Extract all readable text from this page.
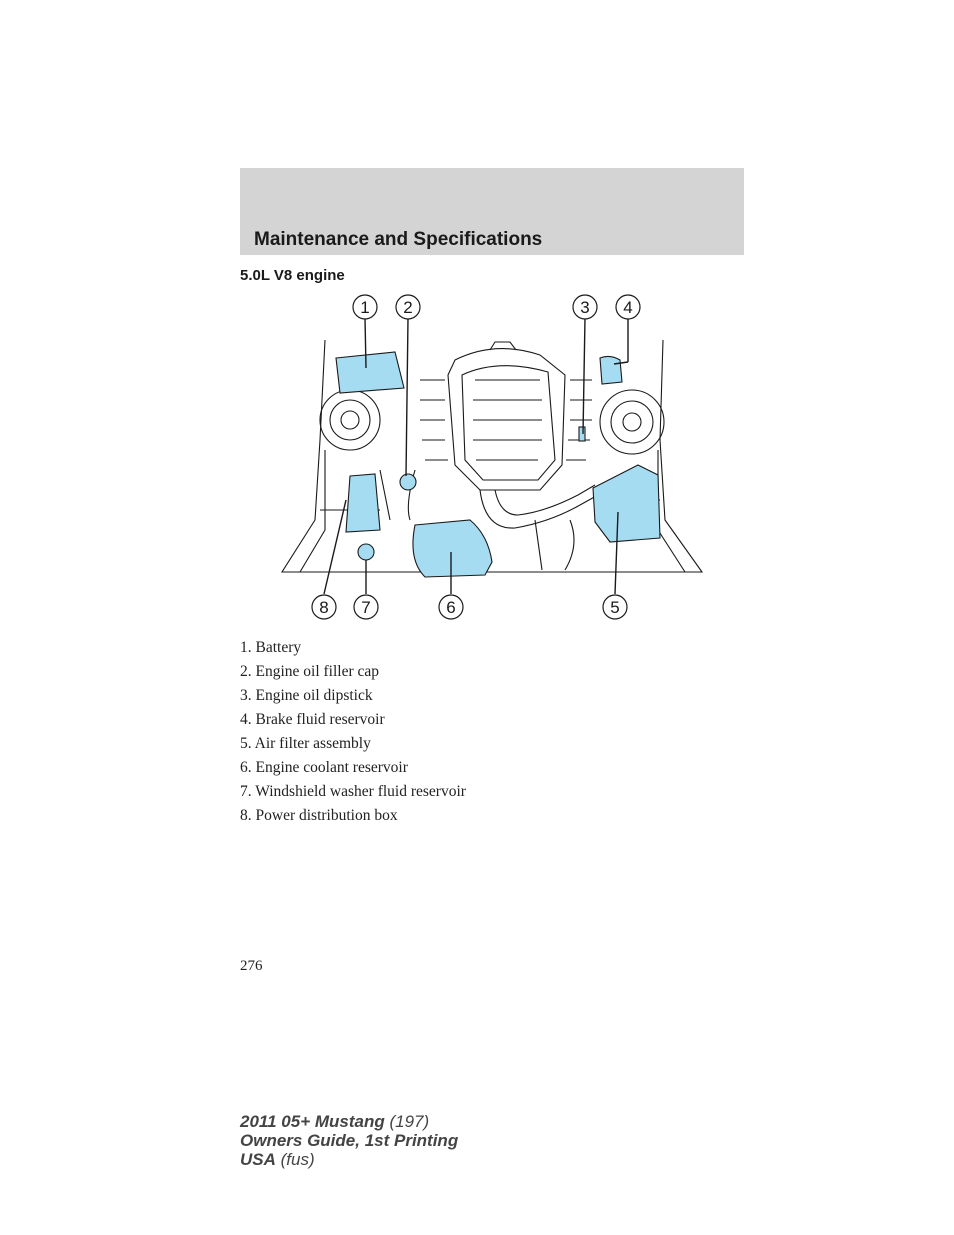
Maintenance and Specifications
5.0L V8 engine
1 2	3 4
8 7	6	5
1. Battery
2. Engine oil filler cap
3. Engine oil dipstick
4. Brake fluid reservoir
5. Air filter assembly
6. Engine coolant reservoir
7. Windshield washer fluid reservoir
8. Power distribution box
276
2011 05+ Mustang (197)
Owners Guide, 1st Printing
USA (fus)
